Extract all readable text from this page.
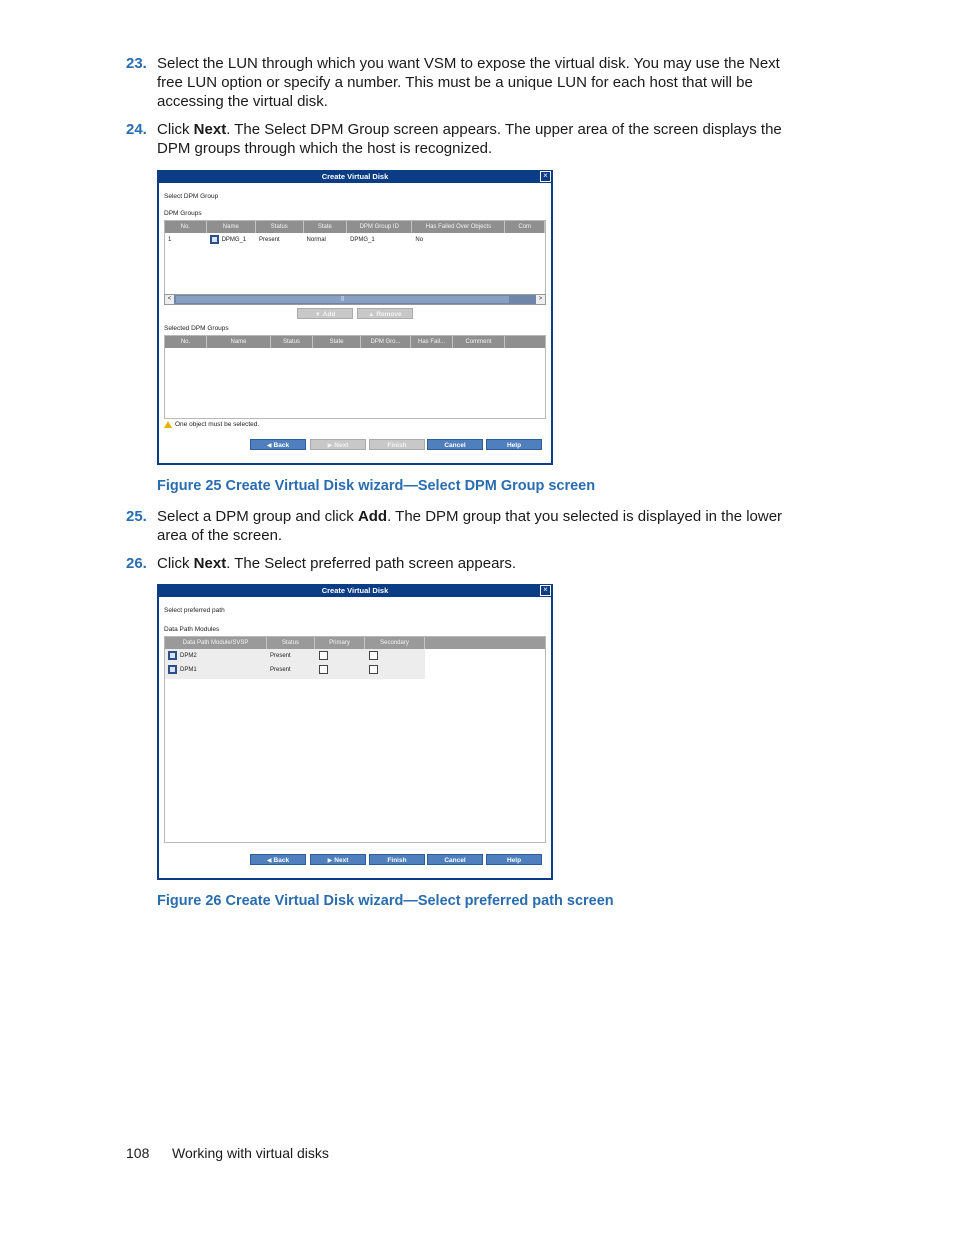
23. Select the LUN through which you want VSM to expose the virtual disk. You may use the Next free LUN option or specify a number. This must be a unique LUN for each host that will be accessing the virtual disk.
24. Click Next. The Select DPM Group screen appears. The upper area of the screen displays the DPM groups through which the host is recognized.
Create Virtual Disk	×
Select DPM Group
DPM Groups
No.	Name	Status	State	DPM Group ID	Has Failed Over Objects	Com
1	DPMG_1	Present	Normal	DPMG_1	No
<	||	>
▼ Add	▲ Remove
Selected DPM Groups
No.	Name	Status	State	DPM Gro...	Has Fail...	Comment
One object must be selected.
◀ Back	▶ Next	Finish	Cancel	Help
Figure 25 Create Virtual Disk wizard—Select DPM Group screen
25. Select a DPM group and click Add. The DPM group that you selected is displayed in the lower area of the screen.
26. Click Next. The Select preferred path screen appears.
Create Virtual Disk	×
Select preferred path
Data Path Modules
Data Path Module/SVSP	Status	Primary	Secondary
DPM2	Present
DPM1	Present
◀ Back	▶ Next	Finish	Cancel	Help
Figure 26 Create Virtual Disk wizard—Select preferred path screen
108 Working with virtual disks
